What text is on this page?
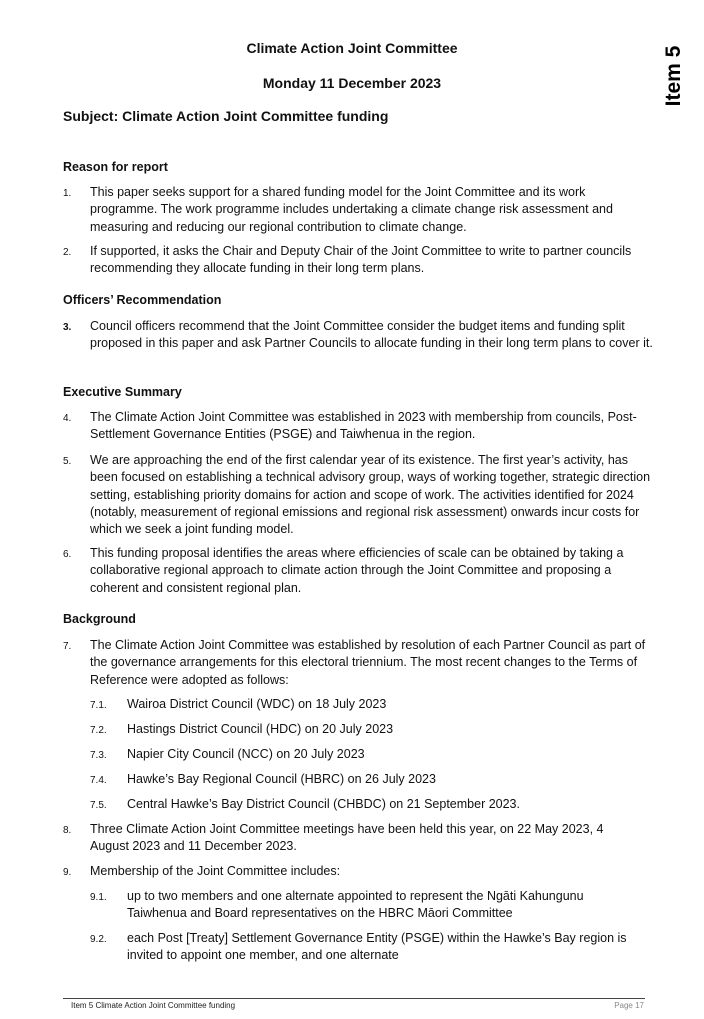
Item 5
Climate Action Joint Committee
Monday 11 December 2023
Subject: Climate Action Joint Committee funding
Reason for report
1.	This paper seeks support for a shared funding model for the Joint Committee and its work programme. The work programme includes undertaking a climate change risk assessment and measuring and reducing our regional contribution to climate change.
2.	If supported, it asks the Chair and Deputy Chair of the Joint Committee to write to partner councils recommending they allocate funding in their long term plans.
Officers’ Recommendation
3.	Council officers recommend that the Joint Committee consider the budget items and funding split proposed in this paper and ask Partner Councils to allocate funding in their long term plans to cover it.
Executive Summary
4.	The Climate Action Joint Committee was established in 2023 with membership from councils, Post-Settlement Governance Entities (PSGE) and Taiwhenua in the region.
5.	We are approaching the end of the first calendar year of its existence. The first year’s activity, has been focused on establishing a technical advisory group, ways of working together, strategic direction setting, establishing priority domains for action and scope of work. The activities identified for 2024 (notably, measurement of regional emissions and regional risk assessment) onwards incur costs for which we seek a joint funding model.
6.	This funding proposal identifies the areas where efficiencies of scale can be obtained by taking a collaborative regional approach to climate action through the Joint Committee and proposing a coherent and consistent regional plan.
Background
7.	The Climate Action Joint Committee was established by resolution of each Partner Council as part of the governance arrangements for this electoral triennium. The most recent changes to the Terms of Reference were adopted as follows:
7.1. Wairoa District Council (WDC) on 18 July 2023
7.2. Hastings District Council (HDC) on 20 July 2023
7.3. Napier City Council (NCC) on 20 July 2023
7.4. Hawke’s Bay Regional Council (HBRC) on 26 July 2023
7.5. Central Hawke’s Bay District Council (CHBDC) on 21 September 2023.
8.	Three Climate Action Joint Committee meetings have been held this year, on 22 May 2023, 4 August 2023 and 11 December 2023.
9.	Membership of the Joint Committee includes:
9.1. up to two members and one alternate appointed to represent the Ngāti Kahungunu Taiwhenua and Board representatives on the HBRC Māori Committee
9.2. each Post [Treaty] Settlement Governance Entity (PSGE) within the Hawke’s Bay region is invited to appoint one member, and one alternate
Item 5 Climate Action Joint Committee funding	Page 17
